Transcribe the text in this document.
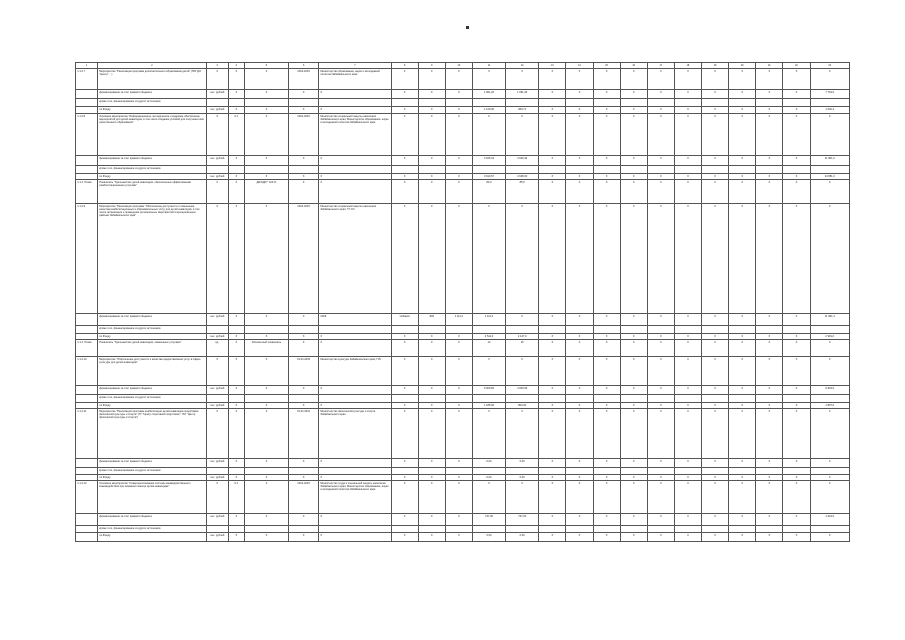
1	2	3	4	5	6	7	8	9	10	11	12	13	14	15	16	17	18	19	20	21	22	23
1.1.2.7	Мероприятие "Реализация программ дополнительного образования детей" (ГБУ ДО "Центр" ...)	X	X	X	2014-2015	Министерство образования, науки и молодежной политики Забайкальского края	X	X	X	X	X	X	X	X	X	X	X	X	X	X	X	X
	финансирование за счет краевого бюджета	тыс. рублей	X	X	X	X	X	X	X	1 061,20	1 061,20	X	X	X	X	X	X	X	X	X	X	7 764,0
	кроме того, финансирование из других источников																					
	по Фонду	тыс. рублей	X	X	X	X	X	X	X	1 120,00	960,71	X	X	X	X	X	X	X	X	X	X	1 092,4
1.1.2.8	Основное мероприятие "Информационное, методическое и кадровое обеспечение мероприятий для детей-инвалидов, в том числе создание условий для получения ими качественного образования"	X	0,1	X	2014-2015	Министерство социальной защиты населения Забайкальского края; Министерство образования, науки и молодежной политики Забайкальского края	X	X	X	X	X	X	X	X	X	X	X	X	X	X	X	X
	финансирование за счет краевого бюджета	тыс. рублей	X	X	X	X	X	X	X	4 915,34	4 915,34	X	X	X	X	X	X	X	X	X	X	11 951,0
	кроме того, финансирование из других источников																					
	по Фонду	тыс. рублей	X	X	X	X	X	X	X	3 613,67	4 648,00	X	X	X	X	X	X	X	X	X	X	24 851,0
1.1.2. Показ.	Показатель "Удельный вес детей-инвалидов, обеспеченных эффективными реабилитационными услугами"	X	X	ДИ/ОДИ * 100 %	X	X	X	X	X	80,0	85,0	X	X	X	X	X	X	X	X	X	X	X
1.1.2.9	Мероприятие "Реализация программ "Обеспечение доступности и повышение качества реабилитационных и образовательных услуг для детей-инвалидов, в том числе организация и проведение региональных мероприятий в муниципальных районах Забайкальского края"	X	X	X	2014-2015	Министерство социальной защиты населения Забайкальского края; ГУ СО	X	X	X	X	X	X	X	X	X	X	X	X	X	X	X	X
	финансирование за счет краевого бюджета	тыс. рублей	X	X	X	2018	Чебаков	845	1 111,2	1 111,2	X	X	X	X	X	X	X	X	X	X	X	11 091,4
	кроме того, финансирование из других источников																					
	по Фонду	тыс. рублей	X	X	X	X	X	X	X	2 511,0	2 147,0	X	X	X	X	X	X	X	X	X	X	2 991,0
1.1.2. Показ.	Показатель "Удельный вес детей-инвалидов, охваченных услугами"	ед.	X	Абсолютный показатель	X	X	X	X	X	14	15	X	X	X	X	X	X	X	X	X	X	X
1.1.2.10	Мероприятие "Обеспечение доступности и качества предоставления услуг в сфере культуры для детей-инвалидов"	X	X	X	01.01.2015	Министерство культуры Забайкальского края; ГУК	X	X	X	X	X	X	X	X	X	X	X	X	X	X	X	X
	финансирование за счет краевого бюджета	тыс. рублей	X	X	X	X	X	X	X	5 000,50	4 000,50	X	X	X	X	X	X	X	X	X	X	9 843,0
	кроме того, финансирование из других источников																					
	по Фонду	тыс. рублей	X	X	X	X	X	X	X	1 185,00	800,00	X	X	X	X	X	X	X	X	X	X	1 897,0
1.1.2.11	Мероприятие "Реализация программ реабилитации детей-инвалидов средствами физической культуры и спорта" (ГУ "Центр спортивной подготовки", ГАУ "Центр физической культуры и спорта")	X	X	X	01.01.2014	Министерство физической культуры и спорта Забайкальского края	X	X	X	X	X	X	X	X	X	X	X	X	X	X	X	X
	финансирование за счет краевого бюджета	тыс. рублей	X	X	X	X	X	X	X	0,00	0,00	X	X	X	X	X	X	X	X	X	X	X
	кроме того, финансирование из других источников																					
	по Фонду	тыс. рублей	X	X	X	X	X	X	X	0,00	0,00	X	X	X	X	X	X	X	X	X	X	X
1.1.2.12	Основное мероприятие "Совершенствование системы межведомственного взаимодействия при оказании помощи детям-инвалидам"	X	0,1	X	2014-2015	Министерство труда и социальной защиты населения Забайкальского края; Министерство образования, науки и молодежной политики Забайкальского края	X	X	X	X	X	X	X	X	X	X	X	X	X	X	X	X
	финансирование за счет краевого бюджета	тыс. рублей	X	X	X	X	X	X	X	737,00	737,00	X	X	X	X	X	X	X	X	X	X	1 944,0
	кроме того, финансирование из других источников																					
	по Фонду	тыс. рублей	X	X	X	X	X	X	X	0,00	0,00	X	X	X	X	X	X	X	X	X	X	X
